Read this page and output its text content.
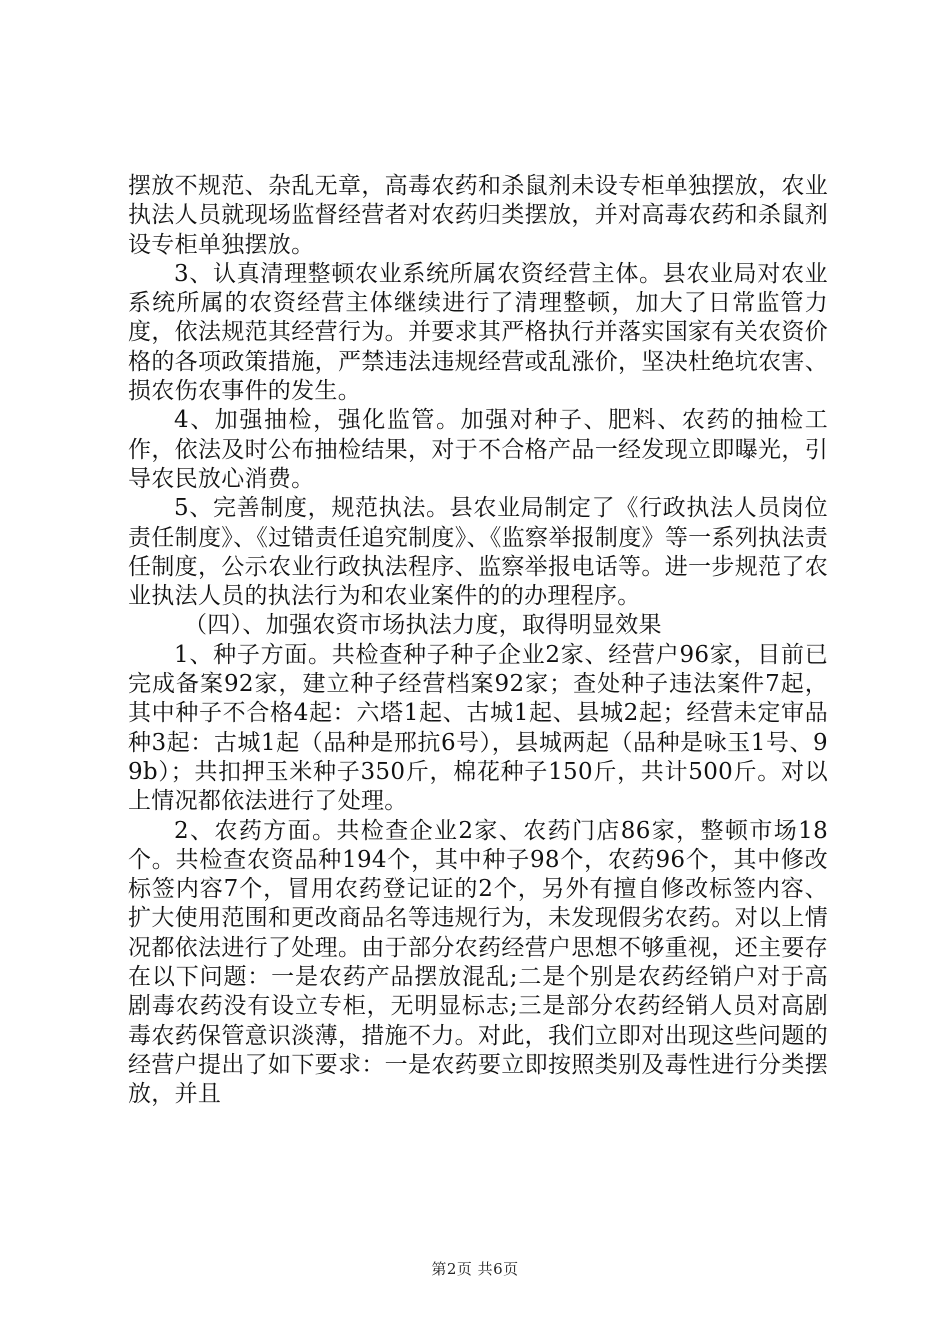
摆放不规范、杂乱无章，高毒农药和杀鼠剂未设专柜单独摆放，农业执法人员就现场监督经营者对农药归类摆放，并对高毒农药和杀鼠剂设专柜单独摆放。

3、认真清理整顿农业系统所属农资经营主体。县农业局对农业系统所属的农资经营主体继续进行了清理整顿，加大了日常监管力度，依法规范其经营行为。并要求其严格执行并落实国家有关农资价格的各项政策措施，严禁违法违规经营或乱涨价，坚决杜绝坑农害、损农伤农事件的发生。

4、加强抽检，强化监管。加强对种子、肥料、农药的抽检工作，依法及时公布抽检结果，对于不合格产品一经发现立即曝光，引导农民放心消费。

5、完善制度，规范执法。县农业局制定了《行政执法人员岗位责任制度》、《过错责任追究制度》、《监察举报制度》等一系列执法责任制度，公示农业行政执法程序、监察举报电话等。进一步规范了农业执法人员的执法行为和农业案件的的办理程序。

（四）、加强农资市场执法力度，取得明显效果

1、种子方面。共检查种子种子企业2家、经营户96家，目前已完成备案92家，建立种子经营档案92家；查处种子违法案件7起，其中种子不合格4起：六塔1起、古城1起、县城2起；经营未定审品种3起：古城1起（品种是邢抗6号），县城两起（品种是咏玉1号、99b）；共扣押玉米种子350斤，棉花种子150斤，共计500斤。对以上情况都依法进行了处理。

2、农药方面。共检查企业2家、农药门店86家，整顿市场18个。共检查农资品种194个，其中种子98个，农药96个，其中修改标签内容7个，冒用农药登记证的2个，另外有擅自修改标签内容、扩大使用范围和更改商品名等违规行为，未发现假劣农药。对以上情况都依法进行了处理。由于部分农药经营户思想不够重视，还主要存在以下问题：一是农药产品摆放混乱;二是个别是农药经销户对于高剧毒农药没有设立专柜，无明显标志;三是部分农药经销人员对高剧毒农药保管意识淡薄，措施不力。对此，我们立即对出现这些问题的经营户提出了如下要求：一是农药要立即按照类别及毒性进行分类摆放，并且

第2页 共6页
